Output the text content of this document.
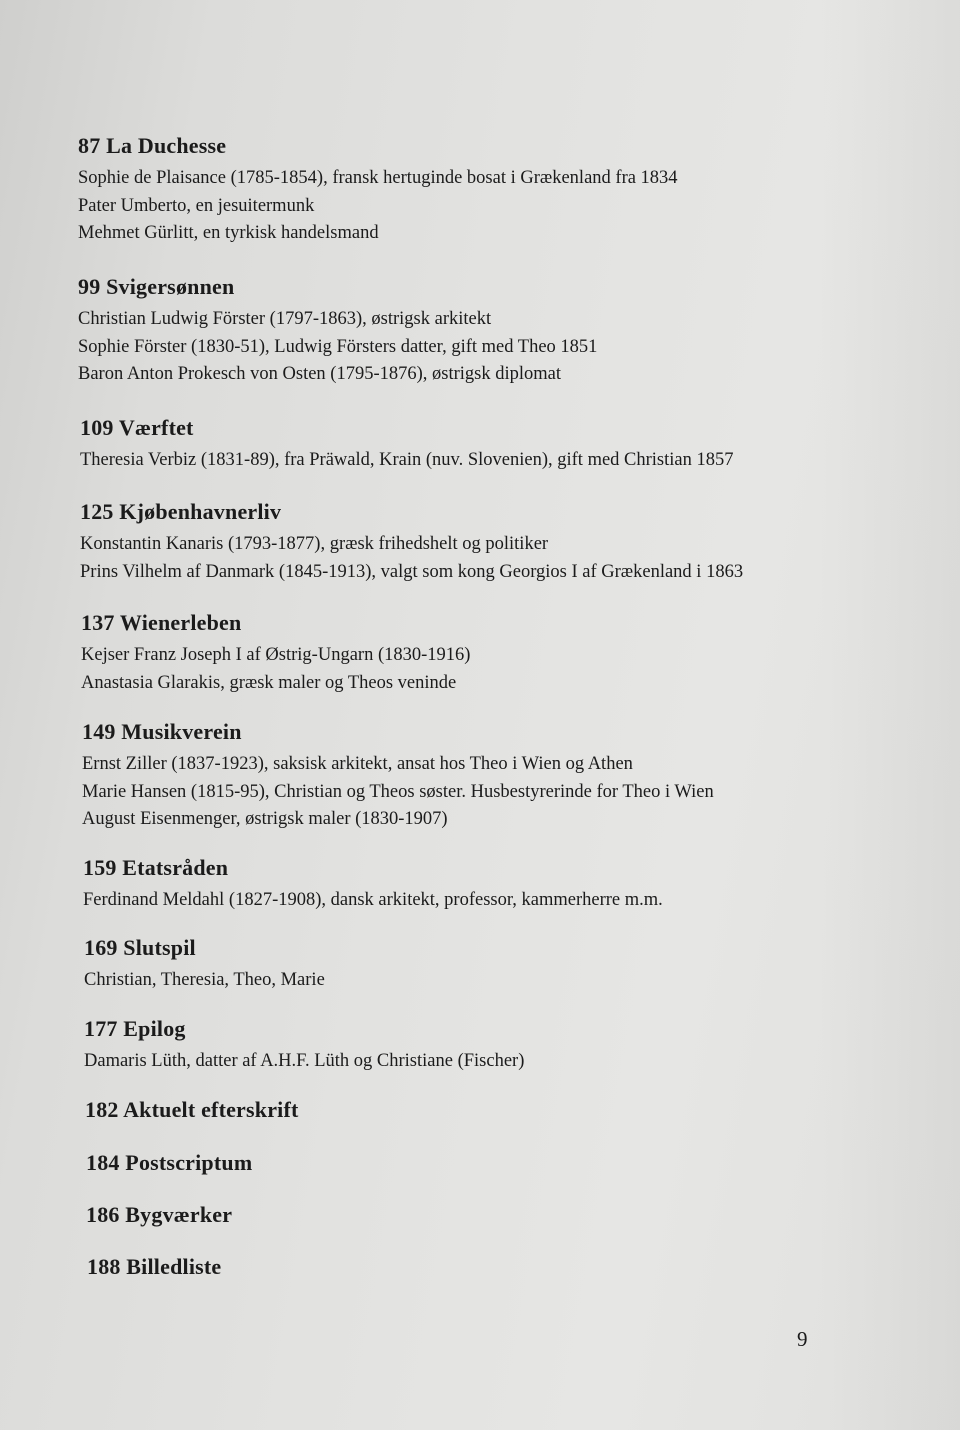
87 La Duchesse
Sophie de Plaisance (1785-1854), fransk hertuginde bosat i Grækenland fra 1834
Pater Umberto, en jesuitermunk
Mehmet Gürlitt, en tyrkisk handelsmand
99 Svigersønnen
Christian Ludwig Förster (1797-1863), østrigsk arkitekt
Sophie Förster (1830-51), Ludwig Försters datter, gift med Theo 1851
Baron Anton Prokesch von Osten (1795-1876), østrigsk diplomat
109 Værftet
Theresia Verbiz (1831-89), fra Präwald, Krain (nuv. Slovenien), gift med Christian 1857
125 Kjøbenhavnerliv
Konstantin Kanaris (1793-1877), græsk frihedshelt og politiker
Prins Vilhelm af Danmark (1845-1913), valgt som kong Georgios I af Grækenland i 1863
137 Wienerleben
Kejser Franz Joseph I af Østrig-Ungarn (1830-1916)
Anastasia Glarakis, græsk maler og Theos veninde
149 Musikverein
Ernst Ziller (1837-1923), saksisk arkitekt, ansat hos Theo i Wien og Athen
Marie Hansen (1815-95), Christian og Theos søster. Husbestyrerinde for Theo i Wien
August Eisenmenger, østrigsk maler (1830-1907)
159 Etatsråden
Ferdinand Meldahl (1827-1908), dansk arkitekt, professor, kammerherre m.m.
169 Slutspil
Christian, Theresia, Theo, Marie
177 Epilog
Damaris Lüth, datter af A.H.F. Lüth og Christiane (Fischer)
182 Aktuelt efterskrift
184 Postscriptum
186 Bygværker
188 Billedliste
9
